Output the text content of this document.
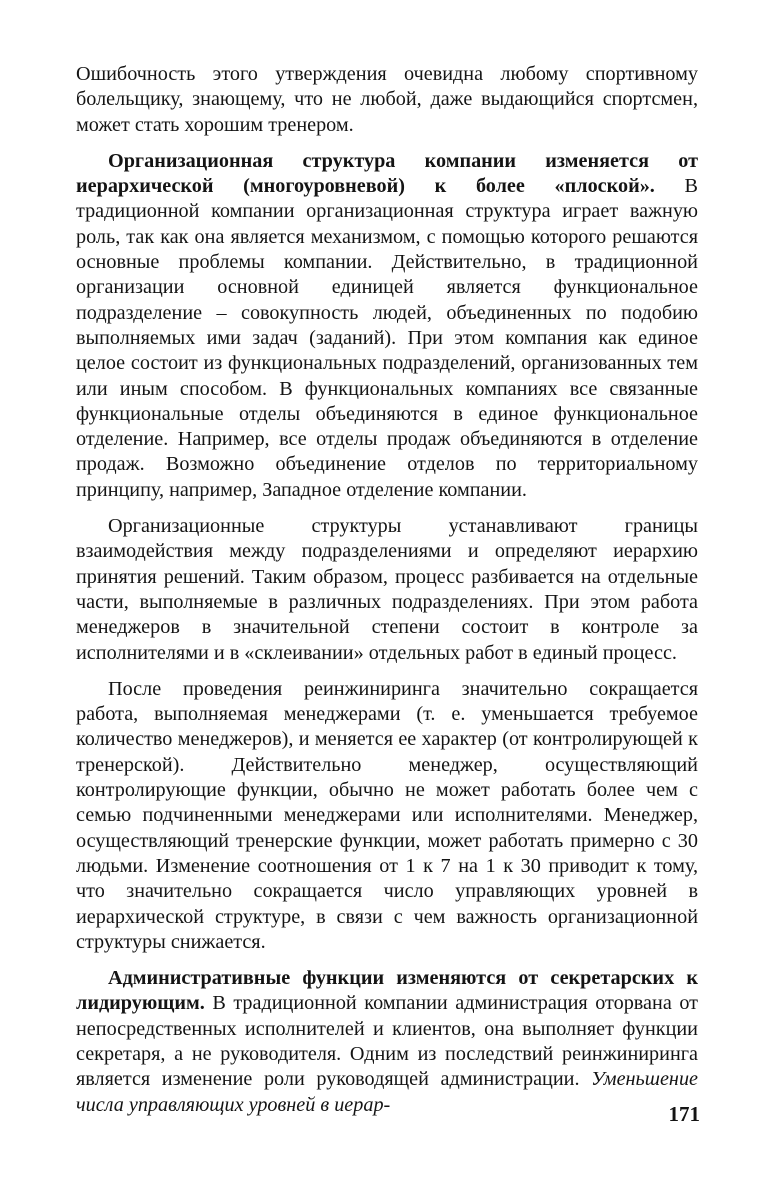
Ошибочность этого утверждения очевидна любому спортивному болельщику, знающему, что не любой, даже выдающийся спортсмен, может стать хорошим тренером.

Организационная структура компании изменяется от иерархической (многоуровневой) к более «плоской». В традиционной компании организационная структура играет важную роль, так как она является механизмом, с помощью которого решаются основные проблемы компании. Действительно, в традиционной организации основной единицей является функциональное подразделение – совокупность людей, объединенных по подобию выполняемых ими задач (заданий). При этом компания как единое целое состоит из функциональных подразделений, организованных тем или иным способом. В функциональных компаниях все связанные функциональные отделы объединяются в единое функциональное отделение. Например, все отделы продаж объединяются в отделение продаж. Возможно объединение отделов по территориальному принципу, например, Западное отделение компании.

Организационные структуры устанавливают границы взаимодействия между подразделениями и определяют иерархию принятия решений. Таким образом, процесс разбивается на отдельные части, выполняемые в различных подразделениях. При этом работа менеджеров в значительной степени состоит в контроле за исполнителями и в «склеивании» отдельных работ в единый процесс.

После проведения реинжиниринга значительно сокращается работа, выполняемая менеджерами (т. е. уменьшается требуемое количество менеджеров), и меняется ее характер (от контролирующей к тренерской). Действительно менеджер, осуществляющий контролирующие функции, обычно не может работать более чем с семью подчиненными менеджерами или исполнителями. Менеджер, осуществляющий тренерские функции, может работать примерно с 30 людьми. Изменение соотношения от 1 к 7 на 1 к 30 приводит к тому, что значительно сокращается число управляющих уровней в иерархической структуре, в связи с чем важность организационной структуры снижается.

Административные функции изменяются от секретарских к лидирующим. В традиционной компании администрация оторвана от непосредственных исполнителей и клиентов, она выполняет функции секретаря, а не руководителя. Одним из последствий реинжиниринга является изменение роли руководящей администрации. Уменьшение числа управляющих уровней в иерар-	171
